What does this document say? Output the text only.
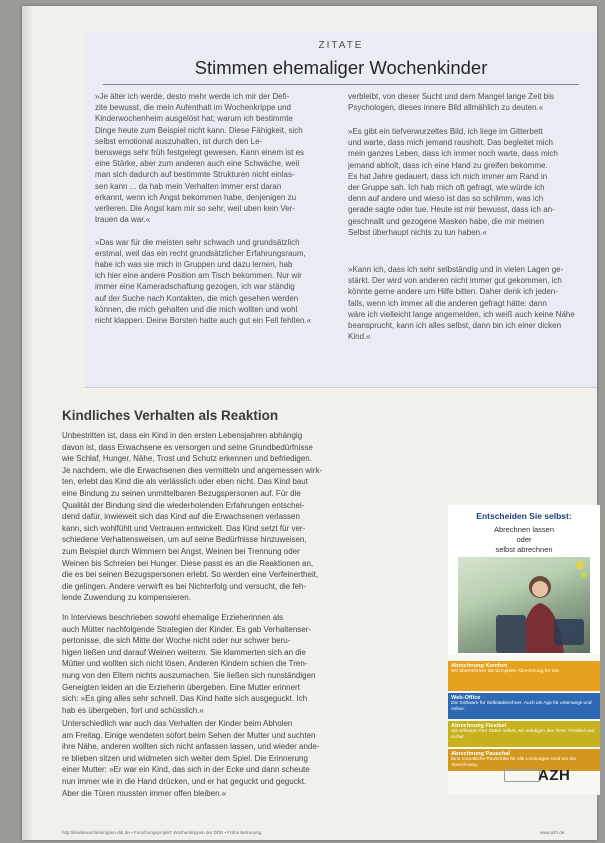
ZITATE
Stimmen ehemaliger Wochenkinder

»Je älter ich werde, desto mehr werde ich mir der Defi-
zite bewusst, die mein Aufenthalt im Wochenkrippe und
Kinderwochenheim ausgelöst hat; warum ich bestimmte
Dinge heute zum Beispiel nicht kann. Diese Fähigkeit, sich
selbst emotional auszuhalten, ist durch den Le-
benswegs sehr früh festgelegt gewesen. Kann einem ist es
eine Stärke, aber zum anderen auch eine Schwäche, weil
man sich dadurch auf bestimmte Strukturen nicht einlas-
sen kann ... da hab mein Verhalten immer erst daran
erkannt, wenn ich Angst bekommen habe, denjenigen zu
verlieren. Die Angst kam mir so sehr, weil uben kein Ver-
trauen da war.«

»Das war für die meisten sehr schwach und grundsätzlich
erstmal, weil das ein recht grundsätzlicher Erfahrungsraum,
habe ich was sie mich in Gruppen und dazu lernen, hab
ich hier eine andere Position am Tisch bekommen. Nur wir
immer eine Kameradschaftung gezogen, ich war ständig
auf der Suche nach Kontakten, die mich gesehen werden
können, die mich gehalten und die mich wollten und wohl
nicht klappen. Deine Borsten hatte auch gut ein Fell fehlten.«

verbleibt, von dieser Sucht und dem Mangel lange Zeit bis
Psychologen, dieses innere Bild allmählich zu deuten.«

»Es gibt ein tiefverwurzeltes Bild, ich liege im Gitterbett
und warte, dass mich jemand rausholt. Das begleitet mich
mein ganzes Leben, dass ich immer noch warte, dass mich
jemand abholt, dass ich eine Hand zu greifen bekomme.
Es hat Jahre gedauert, dass ich mich immer am Rand in
der Gruppe sah. Ich hab mich oft gefragt, wie würde ich
denn auf andere und wieso ist das so schlimm, was ich
gerade sagte oder tue. Heute ist mir bewusst, dass ich an-
geschnallt und gezogene Masken habe, die mir meinen
Selbst überhaupt nichts zu tun haben.«

»Kann ich, dass ich sehr selbständig und in vielen Lagen ge-
stärkt. Der wird von anderen nicht immer gut gekommen, ich
könnte gerne andere um Hilfe bitten. Daher denk ich jeden-
falls, wenn ich immer all die anderen gefragt hätte: dann
wäre ich vielleicht lange angemelden, ich weiß auch keine Nähe
beansprucht, kann ich alles selbst, dann bin ich einer dicken
Kind.«

Kindliches Verhalten als Reaktion

Unbestritten ist, dass ein Kind in den ersten Lebensjahren abhängig
davon ist, dass Erwachsene es versorgen und seine Grundbedürfnisse
wie Schlaf, Hunger, Nähe, Trost und Schutz erkennen und befriedigen.
Je nachdem, wie die Erwachsenen dies vermitteln und angemessen wirk-
ten, erlebt das Kind die als verlässlich oder eben nicht. Das Kind baut
eine Bindung zu seinen unmittelbaren Bezugspersonen auf. Für die
Qualität der Bindung sind die wiederholenden Erfahrungen entschei-
dend dafür, inwieweit sich das Kind auf die Erwachsenen verlassen
kann, sich wohlfühlt und Vertrauen entwickelt. Das Kind setzt für ver-
schiedene Verhaltensweisen, um auf seine Bedürfnisse hinzuweisen,
zum Beispiel durch Wimmern bei Angst, Weinen bei Trennung oder
Weinen bis Schreien bei Hunger. Diese passt es an die Reaktionen an,
die es bei seinen Bezugspersonen erlebt. So werden eine Verfeinertheit,
die gelingen. Andere verwirft es bei Nichterfolg und versucht, die feh-
lende Zuwendung zu kompensieren.

In Interviews beschrieben sowohl ehemalige Erzieherinnen als
auch Mütter nachfolgende Strategien der Kinder. Es gab Verhaltenser-
pertonisse, die sich Mitte der Woche nicht oder nur schwer beru-
higen ließen und darauf Weinen weiterm. Sie klammerten sich an die
Mütter und wollten sich nicht lösen. Anderen Kindern schien die Tren-
nung von den Eltern nichts auszumachen. Sie ließen sich nunständigen
Geneigten leiden an die Erzieherin übergeben. Eine Mutter erinnert
sich: »Es ging alles sehr schnell. Das Kind hatte sich ausgeguckt. Ich
hab es übergeben, fort und schüsslich.«

Unterschiedlich war auch das Verhalten der Kinder beim Abholen
am Freitag. Einige wendeten sofort beim Sehen der Mutter und suchten
ihre Nähe, anderen wollten sich nicht anfassen lassen, und wieder ande-
re blieben sitzen und widmeten sich weiter dem Spiel. Die Erinnerung
einer Mutter: »Er war ein Kind, das sich in der Ecke und dann scheute
nun immer wie in die Hand drücken, und er hat geguckt und geguckt.
Aber die Türen mussten immer offen bleiben.«

Entscheiden Sie selbst:
Abrechnen lassen
oder
selbst abrechnen
Abrechnung Komfort
Wir übernehmen die komplette Abrechnung für Sie.
Web-Office
Die Software für Selbstabrechner. Auch als App für unterwegs und online.
Abrechnung Flexibel
Sie erfassen Ihre Daten selbst, wir erledigen den Rest. Flexibel und sicher.
Abrechnung Pauschal
Eine monatliche Pauschale für alle Leistungen rund um die Abrechnung.
AZH
http://kinderwochenkrippen-ddr.de • Forschungsprojekt: Wochenkrippen der DDR • Frühe Betreuung	www.azh.de
